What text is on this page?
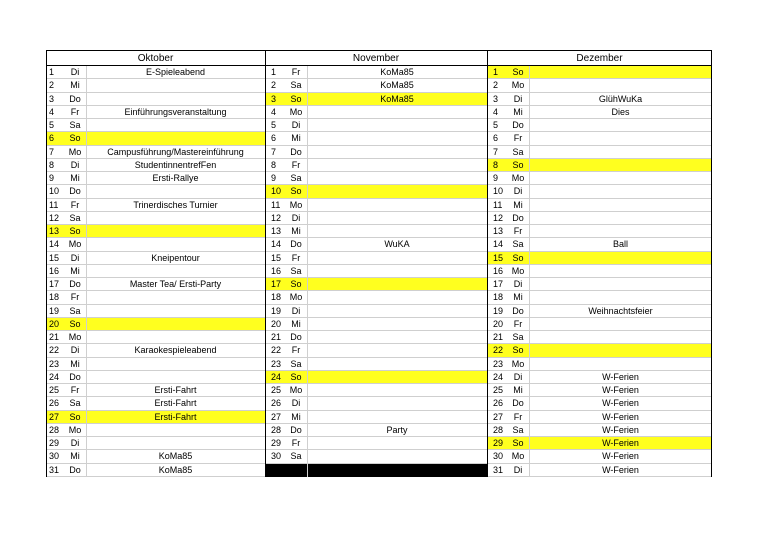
Oktober
1	Di	E-Spieleabend
2	Mi
3	Do
4	Fr	Einführungsveranstaltung
5	Sa
6	So
7	Mo	Campusführung/Mastereinführung
8	Di	StudentinnentrefFen
9	Mi	Ersti-Rallye
10	Do
11	Fr	Trinerdisches Turnier
12	Sa
13	So
14	Mo
15	Di	Kneipentour
16	Mi
17	Do	Master Tea/ Ersti-Party
18	Fr
19	Sa
20	So
21	Mo
22	Di	Karaokespieleabend
23	Mi
24	Do
25	Fr	Ersti-Fahrt
26	Sa	Ersti-Fahrt
27	So	Ersti-Fahrt
28	Mo
29	Di
30	Mi	KoMa85
31	Do	KoMa85
November
1	Fr	KoMa85
2	Sa	KoMa85
3	So	KoMa85
4	Mo
5	Di
6	Mi
7	Do
8	Fr
9	Sa
10	So
11	Mo
12	Di
13	Mi
14	Do	WuKA
15	Fr
16	Sa
17	So
18 Mo
19	Di
20	Mi
21	Do
22	Fr
23	Sa
24	So
25 Mo
26	Di
27	Mi
28	Do	Party
29	Fr
30	Sa
Dezember
1	So
2	Mo
3	Di	GlühWuKa
4	Mi	Dies
5	Do
6	Fr
7	Sa
8	So
9	Mo
10	Di
11	Mi
12	Do
13	Fr
14	Sa	Ball
15	So
16 Mo
17	Di
18	Mi
19	Do	Weihnachtsfeier
20	Fr
21	Sa
22	So
23 Mo
24	Di	W-Ferien
25	Mi	W-Ferien
26	Do	W-Ferien
27	Fr	W-Ferien
28	Sa	W-Ferien
29	So	W-Ferien
30 Mo	W-Ferien
31	Di	W-Ferien
